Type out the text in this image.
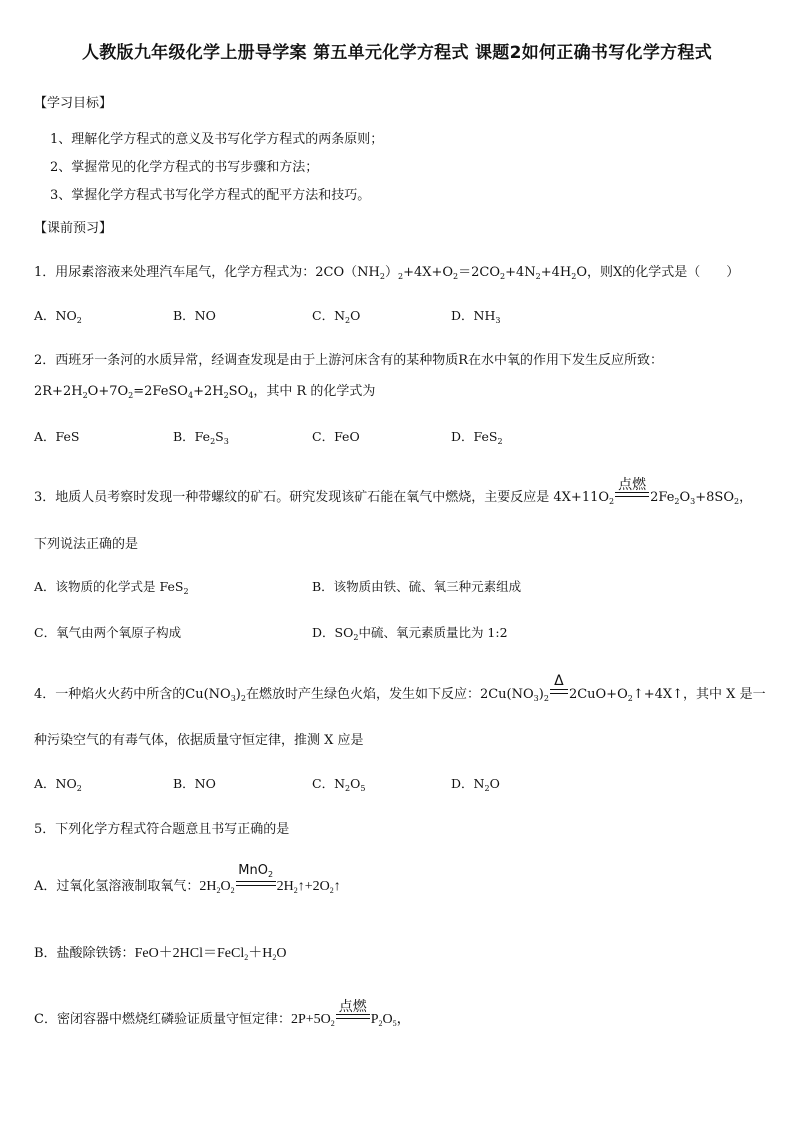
人教版九年级化学上册导学案 第五单元化学方程式 课题2如何正确书写化学方程式
【学习目标】
1、理解化学方程式的意义及书写化学方程式的两条原则；
2、掌握常见的化学方程式的书写步骤和方法；
3、掌握化学方程式书写化学方程式的配平方法和技巧。
【课前预习】
1．用尿素溶液来处理汽车尾气，化学方程式为：$2CO(NH_2)_2+4X+O_2=2CO_2+4N_2+4H_2O$，则X的化学式是（　　）
A．$NO_2$	B．NO	C．$N_2O$	D．$NH_3$
2．西班牙一条河的水质异常，经调查发现是由于上游河床含有的某种物质R在水中氧的作用下发生反应所致：
$2R+2H_2O+7O_2=2FeSO_4+2H_2SO_4$，其中 R 的化学式为
A．FeS	B．$Fe_2S_3$	C．FeO	D．FeS$_2$
3．地质人员考察时发现一种带螺纹的矿石。研究发现该矿石能在氧气中燃烧，主要反应是 $4X+11O_2$
点燃
$2Fe_2O_3+8SO_2$，
下列说法正确的是
A．该物质的化学式是 FeS$_2$	B．该物质由铁、硫、氧三种元素组成
C．氧气由两个氧原子构成	D．$SO_2$中硫、氧元素质量比为 1:2
4．一种焰火火药中所含的$Cu(NO_3)_2$在燃放时产生绿色火焰，发生如下反应：$2Cu(NO_3)_2$
Δ
$2CuO+O_2↑+4X↑$，其中 X 是一
种污染空气的有毒气体，依据质量守恒定律，推测 X 应是
A．$NO_2$	B．NO	C．$N_2O_5$	D．$N_2O$
5．下列化学方程式符合题意且书写正确的是
A．过氧化氢溶液制取氧气：$2H_2O_2$
MnO$_2$
$2H_2↑+2O_2↑$
B．盐酸除铁锈：$FeO+2HCl=FeCl_2+H_2O$
C．密闭容器中燃烧红磷验证质量守恒定律：$2P+5O_2$
点燃
$P_2O_5$，
